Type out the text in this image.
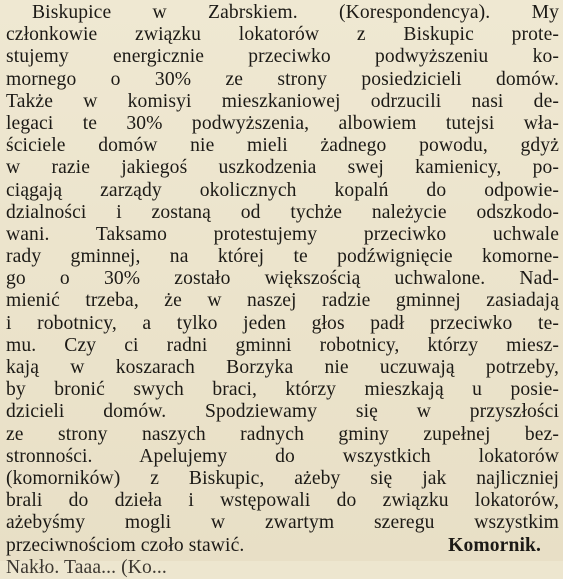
Biskupice w Zabrskiem. (Korespondencya). My
członkowie związku lokatorów z Biskupic prote-
stujemy energicznie przeciwko podwyższeniu ko-
mornego o 30% ze strony posiedzicieli domów.
Także w komisyi mieszkaniowej odrzucili nasi de-
legaci te 30% podwyższenia, albowiem tutejsi wła-
ściciele domów nie mieli żadnego powodu, gdyż
w razie jakiegoś uszkodzenia swej kamienicy, po-
ciągają zarządy okolicznych kopalń do odpowie-
dzialności i zostaną od tychże należycie odszkodo-
wani. Taksamo protestujemy przeciwko uchwale
rady gminnej, na której te podźwignięcie komorne-
go o 30% zostało większością uchwalone. Nad-
mienić trzeba, że w naszej radzie gminnej zasiadają
i robotnicy, a tylko jeden głos padł przeciwko te-
mu. Czy ci radni gminni robotnicy, którzy miesz-
kają w koszarach Borzyka nie uczuwają potrzeby,
by bronić swych braci, którzy mieszkają u posie-
dzicieli domów. Spodziewamy się w przyszłości
ze strony naszych radnych gminy zupełnej bez-
stronności. Apelujemy do wszystkich lokatorów
(komorników) z Biskupic, ażeby się jak najliczniej
brali do dzieła i wstępowali do związku lokatorów,
ażebyśmy mogli w zwartym szeregu wszystkim
przeciwnościom czoło stawić.	Komornik.
Nakło. Taaa... (Ko...
